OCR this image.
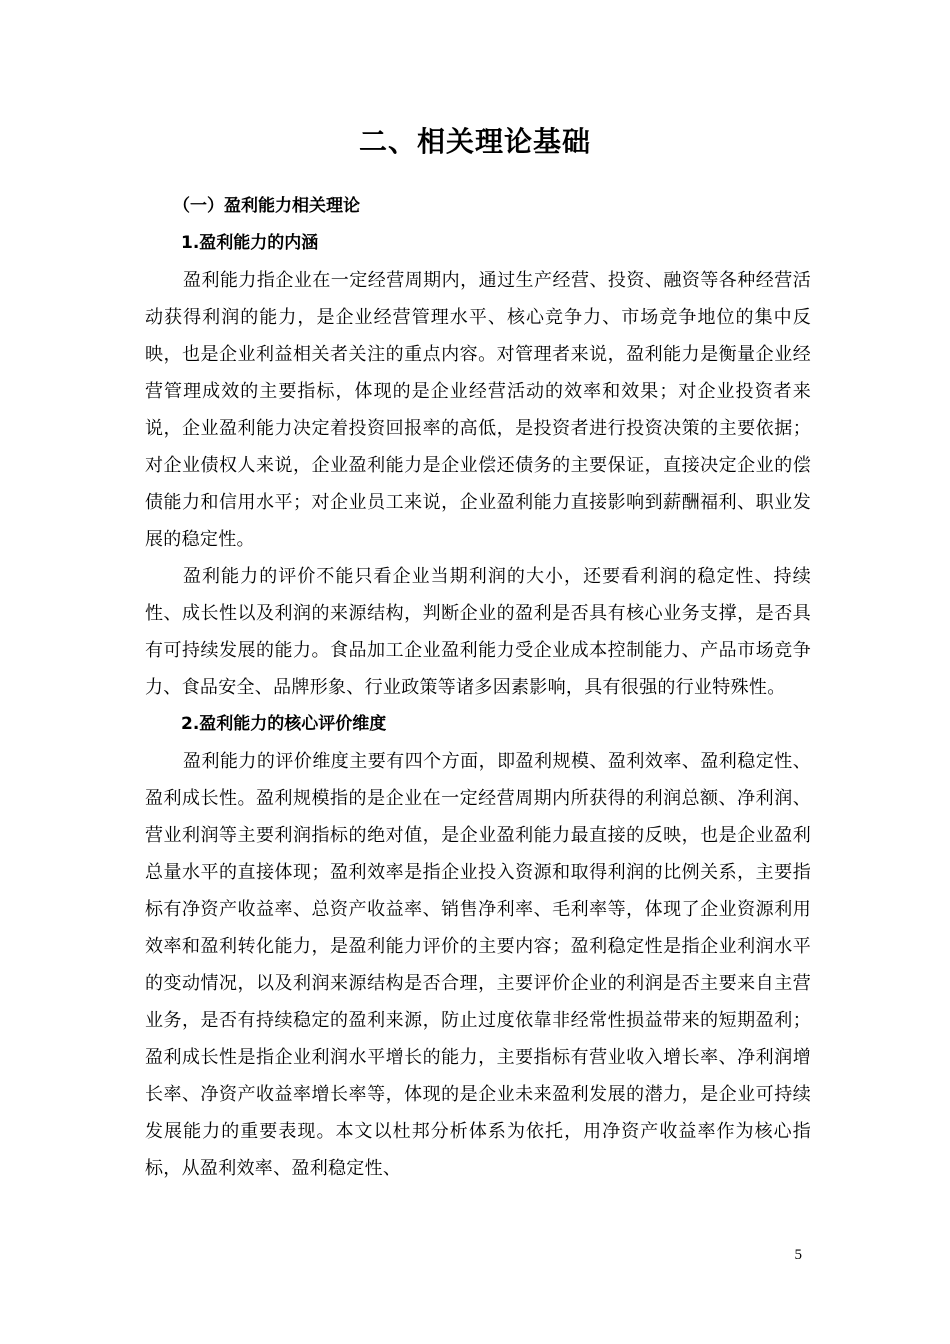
二、相关理论基础
（一）盈利能力相关理论
1.盈利能力的内涵

盈利能力指企业在一定经营周期内，通过生产经营、投资、融资等各种经营活动获得利润的能力，是企业经营管理水平、核心竞争力、市场竞争地位的集中反映，也是企业利益相关者关注的重点内容。对管理者来说，盈利能力是衡量企业经营管理成效的主要指标，体现的是企业经营活动的效率和效果；对企业投资者来说，企业盈利能力决定着投资回报率的高低，是投资者进行投资决策的主要依据；对企业债权人来说，企业盈利能力是企业偿还债务的主要保证，直接决定企业的偿债能力和信用水平；对企业员工来说，企业盈利能力直接影响到薪酬福利、职业发展的稳定性。

盈利能力的评价不能只看企业当期利润的大小，还要看利润的稳定性、持续性、成长性以及利润的来源结构，判断企业的盈利是否具有核心业务支撑，是否具有可持续发展的能力。食品加工企业盈利能力受企业成本控制能力、产品市场竞争力、食品安全、品牌形象、行业政策等诸多因素影响，具有很强的行业特殊性。

2.盈利能力的核心评价维度

盈利能力的评价维度主要有四个方面，即盈利规模、盈利效率、盈利稳定性、盈利成长性。盈利规模指的是企业在一定经营周期内所获得的利润总额、净利润、营业利润等主要利润指标的绝对值，是企业盈利能力最直接的反映，也是企业盈利总量水平的直接体现；盈利效率是指企业投入资源和取得利润的比例关系，主要指标有净资产收益率、总资产收益率、销售净利率、毛利率等，体现了企业资源利用效率和盈利转化能力，是盈利能力评价的主要内容；盈利稳定性是指企业利润水平的变动情况，以及利润来源结构是否合理，主要评价企业的利润是否主要来自主营业务，是否有持续稳定的盈利来源，防止过度依靠非经常性损益带来的短期盈利；盈利成长性是指企业利润水平增长的能力，主要指标有营业收入增长率、净利润增长率、净资产收益率增长率等，体现的是企业未来盈利发展的潜力，是企业可持续发展能力的重要表现。本文以杜邦分析体系为依托，用净资产收益率作为核心指标，从盈利效率、盈利稳定性、

5
